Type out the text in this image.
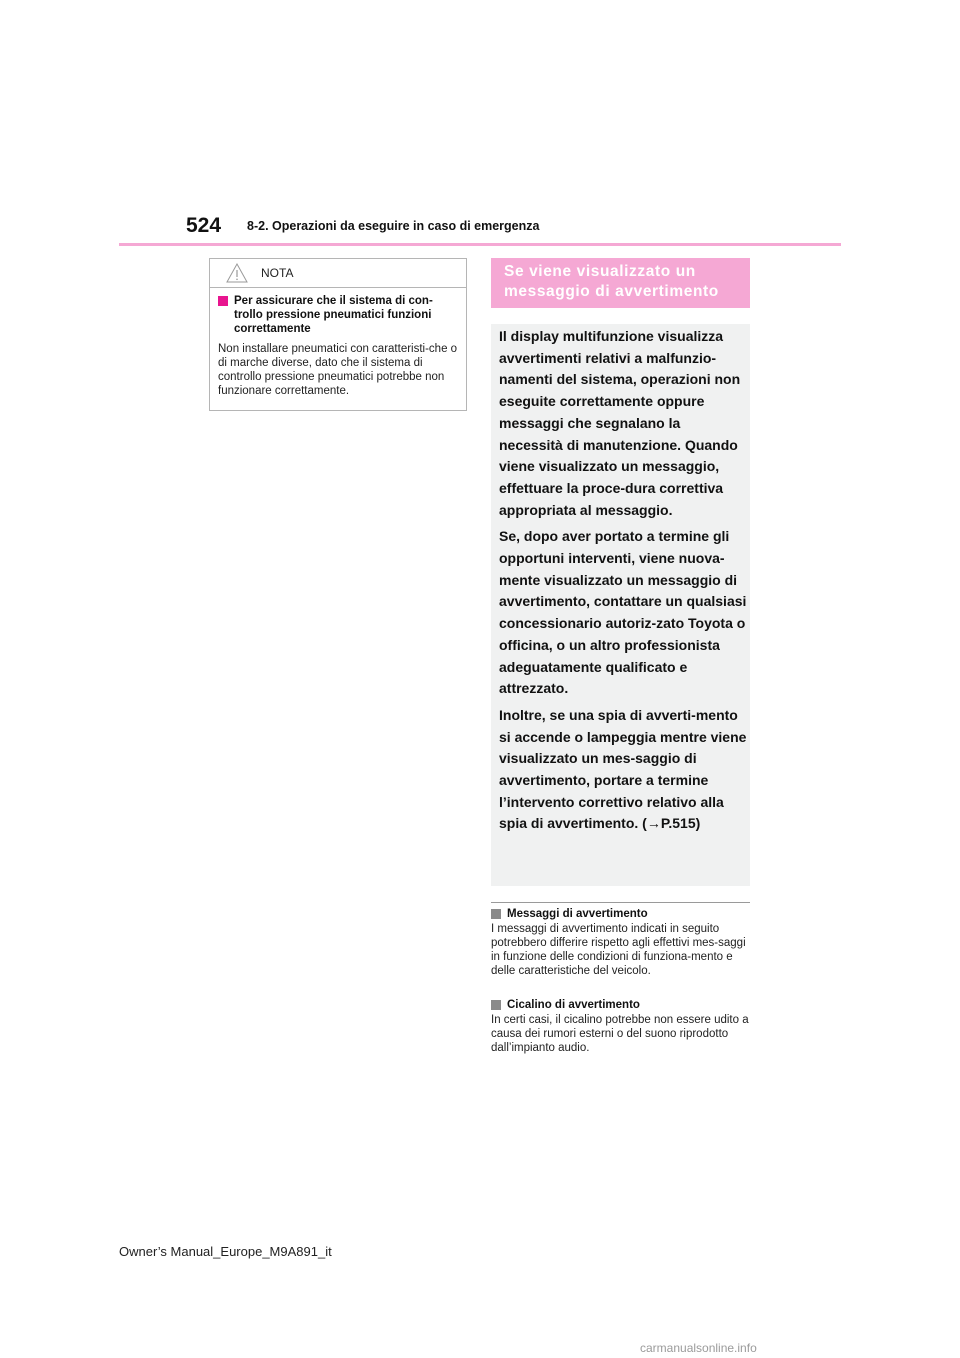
524 8-2. Operazioni da eseguire in caso di emergenza
NOTA
Per assicurare che il sistema di con-trollo pressione pneumatici funzioni correttamente
Non installare pneumatici con caratteristi-che o di marche diverse, dato che il sistema di controllo pressione pneumatici potrebbe non funzionare correttamente.
Se viene visualizzato un messaggio di avvertimento

Il display multifunzione visualizza avvertimenti relativi a malfunzio-namenti del sistema, operazioni non eseguite correttamente oppure messaggi che segnalano la necessità di manutenzione. Quando viene visualizzato un messaggio, effettuare la proce-dura correttiva appropriata al messaggio.

Se, dopo aver portato a termine gli opportuni interventi, viene nuova-mente visualizzato un messaggio di avvertimento, contattare un qualsiasi concessionario autoriz-zato Toyota o officina, o un altro professionista adeguatamente qualificato e attrezzato.

Inoltre, se una spia di avverti-mento si accende o lampeggia mentre viene visualizzato un mes-saggio di avvertimento, portare a termine l’intervento correttivo relativo alla spia di avvertimento. (→P.515)

Messaggi di avvertimento
I messaggi di avvertimento indicati in seguito potrebbero differire rispetto agli effettivi mes-saggi in funzione delle condizioni di funziona-mento e delle caratteristiche del veicolo.
Cicalino di avvertimento
In certi casi, il cicalino potrebbe non essere udito a causa dei rumori esterni o del suono riprodotto dall’impianto audio.
Owner’s Manual_Europe_M9A891_it
carmanualsonline.info
